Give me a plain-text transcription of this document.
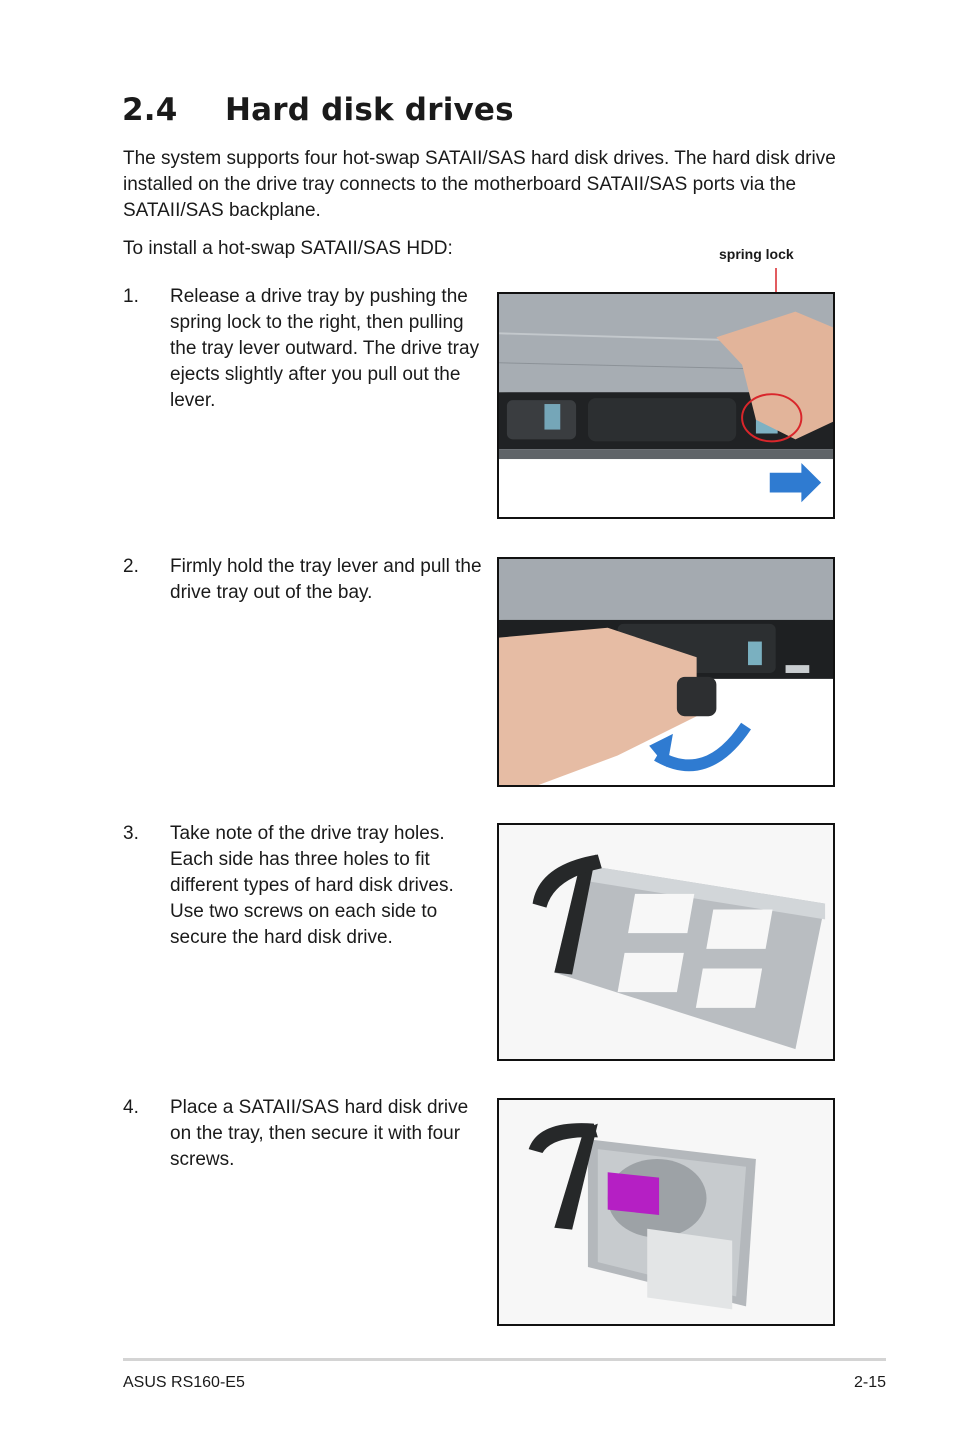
2.4 Hard disk drives

The system supports four hot-swap SATAII/SAS hard disk drives. The hard disk drive installed on the drive tray connects to the motherboard SATAII/SAS ports via the SATAII/SAS backplane.

To install a hot-swap SATAII/SAS HDD:

1. Release a drive tray by pushing the spring lock to the right, then pulling the tray lever outward. The drive tray ejects slightly after you pull out the lever.

spring lock
2. Firmly hold the tray lever and pull the drive tray out of the bay.

3. Take note of the drive tray holes. Each side has three holes to fit different types of hard disk drives. Use two screws on each side to secure the hard disk drive.

4. Place a SATAII/SAS hard disk drive on the tray, then secure it with four screws.

ASUS RS160-E5	2-15
